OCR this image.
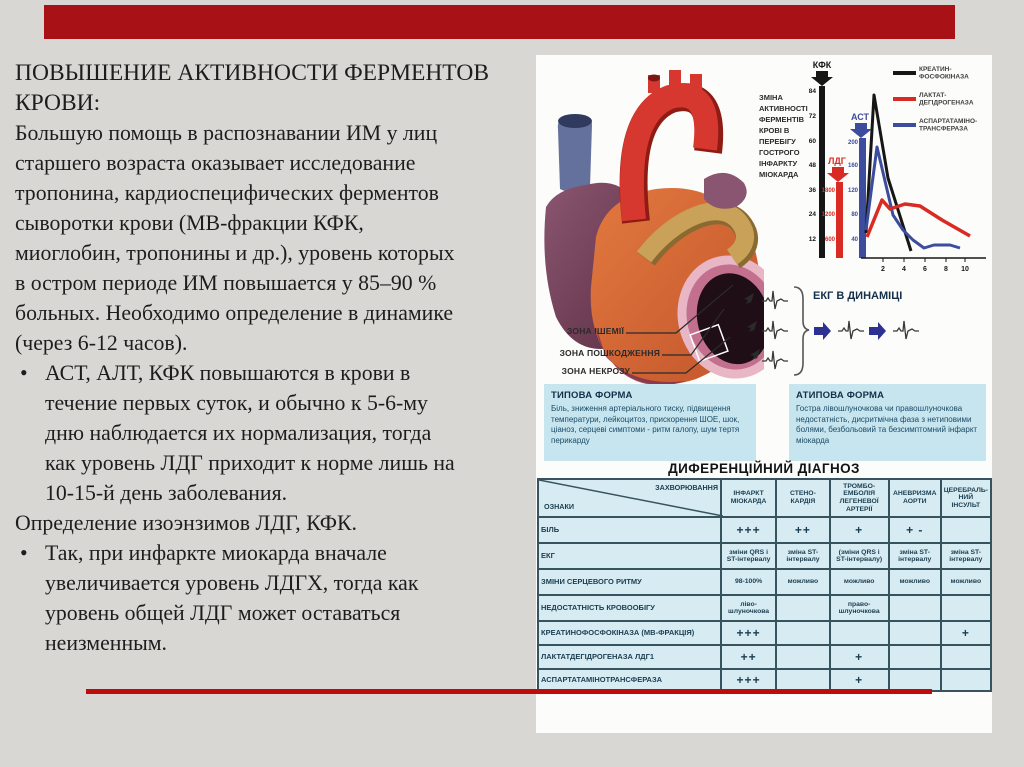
ПОВЫШЕНИЕ АКТИВНОСТИ ФЕРМЕНТОВ
КРОВИ:
Большую помощь в распознавании ИМ у лиц
старшего возраста оказывает исследование
тропонина, кардиоспецифических ферментов
сыворотки крови (МВ-фракции КФК,
миоглобин, тропонины и др.), уровень которых
в остром периоде ИМ повышается у 85–90 %
больных. Необходимо определение в динамике
(через 6-12 часов).
• АСТ, АЛТ, КФК повышаются в крови в
течение первых суток, и обычно к 5-6-му
дню наблюдается их нормализация, тогда
как уровень ЛДГ приходит к норме лишь на
10-15-й день заболевания.
Определение изоэнзимов ЛДГ, КФК.
• Так, при инфаркте миокарда вначале
увеличивается уровень ЛДГХ, тогда как
уровень общей ЛДГ может оставаться
неизменным.
ЗОНА ІШЕМІЇ
ЗОНА ПОШКОДЖЕННЯ
ЗОНА НЕКРОЗУ
ЗМІНА
АКТИВНОСТІ
ФЕРМЕНТІВ
КРОВІ В
ПЕРЕБІГУ
ГОСТРОГО
ІНФАРКТУ
МІОКАРДА
КФК
84
72
60
48
36
24
12
ЛДГ
1800
1200
600
АСТ
200
160
120
80
40
2 4 6 8 10
КРЕАТИН-
ФОСФОКІНАЗА
ЛАКТАТ-
ДЕГІДРОГЕНАЗА
АСПАРТАТАМІНО-
ТРАНСФЕРАЗА
ЕКГ В ДИНАМІЦІ
ТИПОВА ФОРМА

Біль, зниження артеріального тиску, підвищення температури, лейкоцитоз, прискорення ШОЕ, шок, ціаноз, серцеві симптоми - ритм галопу, шум тертя перикарду

АТИПОВА ФОРМА

Гостра лівошлуночкова чи правошлуночкова недостатність, дисритмічна фаза з нетиповими болями, безбольовий та безсимптомний інфаркт міокарда

ДИФЕРЕНЦІЙНИЙ ДІАГНОЗ
	ІНФАРКТ МІОКАРДА	СТЕНО-КАРДІЯ	ТРОМБО-ЕМБОЛІЯ ЛЕГЕНЕВОЇ АРТЕРІЇ	АНЕВРИЗМА АОРТИ	ЦЕРЕБРАЛЬ-НИЙ ІНСУЛЬТ
БІЛЬ	+++	++	+	+ -	
ЕКГ	зміни QRS і ST-інтервалу	зміна ST-інтервалу	(зміни QRS і ST-інтервалу)	зміна ST-інтервалу	зміна ST-інтервалу
ЗМІНИ СЕРЦЕВОГО РИТМУ	98-100%	можливо	можливо	можливо	можливо
НЕДОСТАТНІСТЬ КРОВООБІГУ	ліво-шлуночкова		право-шлуночкова		
КРЕАТИНОФОСФОКІНАЗА (МВ-ФРАКЦІЯ)	+++				+
ЛАКТАТДЕГІДРОГЕНАЗА ЛДГ1	++		+		
АСПАРТАТАМІНОТРАНСФЕРАЗА	+++		+		
ЗАХВОРЮВАННЯ
ОЗНАКИ
